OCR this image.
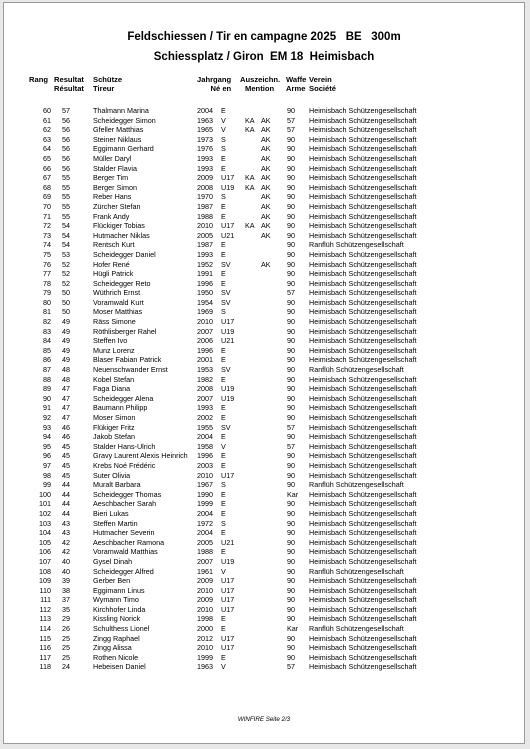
Feldschiessen / Tir en campagne 2025   BE   300m
Schiessplatz / Giron  EM 18  Heimisbach
Rang Resultat
Résultat
Schütze
Tireur
Jahrgang
Né en
Auszeichn.
Mention
Waffe
Arme
Verein
Société
60 57	Thalmann Marina	2004 E	90 Heimisbach Schützengesellschaft
61 56	Scheidegger Simon	1963 V	KA AK 57 Heimisbach Schützengesellschaft
62 56	Gfeller Matthias	1965 V	KA AK 57 Heimisbach Schützengesellschaft
63 56	Steiner Niklaus	1973 S	AK 90 Heimisbach Schützengesellschaft
64 56	Eggimann Gerhard	1976 S	AK 90 Heimisbach Schützengesellschaft
65 56	Müller Daryl	1993 E	AK 90 Heimisbach Schützengesellschaft
66 56	Stalder Flavia	1993 E	AK 90 Heimisbach Schützengesellschaft
67 55	Berger Tim	2009 U17 KA AK 90 Heimisbach Schützengesellschaft
68 55	Berger Simon	2008 U19 KA AK 90 Heimisbach Schützengesellschaft
69 55	Reber Hans	1970 S	AK 90 Heimisbach Schützengesellschaft
70 55	Zürcher Stefan	1987 E	AK 90 Heimisbach Schützengesellschaft
71 55	Frank Andy	1988 E	AK 90 Heimisbach Schützengesellschaft
72 54	Flückiger Tobias	2010 U17 KA AK 90 Heimisbach Schützengesellschaft
73 54	Hutmacher Niklas	2005 U21	AK 90 Heimisbach Schützengesellschaft
74 54	Rentsch Kurt	1987 E	90 Ranflüh Schützengesellschaft
75 53	Scheidegger Daniel	1993 E	90 Heimisbach Schützengesellschaft
76 52	Hofer René	1952 SV	AK 90 Heimisbach Schützengesellschaft
77 52	Hügli Patrick	1991 E	90 Heimisbach Schützengesellschaft
78 52	Scheidegger Reto	1996 E	90 Heimisbach Schützengesellschaft
79 50	Wüthrich Ernst	1950 SV	57 Heimisbach Schützengesellschaft
80 50	Voramwald Kurt	1954 SV	90 Heimisbach Schützengesellschaft
81 50	Moser Matthias	1969 S	90 Heimisbach Schützengesellschaft
82 49	Räss Simone	2010 U17	90 Heimisbach Schützengesellschaft
83 49	Röthlisberger Rahel	2007 U19	90 Heimisbach Schützengesellschaft
84 49	Steffen Ivo	2006 U21	90 Heimisbach Schützengesellschaft
85 49	Munz Lorenz	1996 E	90 Heimisbach Schützengesellschaft
86 49	Blaser Fabian Patrick	2001 E	90 Heimisbach Schützengesellschaft
87 48	Neuenschwander Ernst	1953 SV	90 Ranflüh Schützengesellschaft
88 48	Kobel Stefan	1982 E	90 Heimisbach Schützengesellschaft
89 47	Faga Diana	2008 U19	90 Heimisbach Schützengesellschaft
90 47	Scheidegger Alena	2007 U19	90 Heimisbach Schützengesellschaft
91 47	Baumann Philipp	1993 E	90 Heimisbach Schützengesellschaft
92 47	Moser Simon	2002 E	90 Heimisbach Schützengesellschaft
93 46	Flükiger Fritz	1955 SV	57 Heimisbach Schützengesellschaft
94 46	Jakob Stefan	2004 E	90 Heimisbach Schützengesellschaft
95 45	Stalder Hans-Ulrich	1958 V	57 Heimisbach Schützengesellschaft
96 45	Gravy Laurent Alexis Heinrich	1996 E	90 Heimisbach Schützengesellschaft
97 45	Krebs Noé Frédéric	2003 E	90 Heimisbach Schützengesellschaft
98 45	Suter Olivia	2010 U17	90 Heimisbach Schützengesellschaft
99 44	Muralt Barbara	1967 S	90 Ranflüh Schützengesellschaft
100 44	Scheidegger Thomas	1990 E	Kar Heimisbach Schützengesellschaft
101 44	Aeschbacher Sarah	1999 E	90 Heimisbach Schützengesellschaft
102 44	Bieri Lukas	2004 E	90 Heimisbach Schützengesellschaft
103 43	Steffen Martin	1972 S	90 Heimisbach Schützengesellschaft
104 43	Hutmacher Severin	2004 E	90 Heimisbach Schützengesellschaft
105 42	Aeschbacher Ramona	2005 U21	90 Heimisbach Schützengesellschaft
106 42	Voramwald Matthias	1988 E	90 Heimisbach Schützengesellschaft
107 40	Gysel Dinah	2007 U19	90 Heimisbach Schützengesellschaft
108 40	Scheidegger Alfred	1961 V	90 Ranflüh Schützengesellschaft
109 39	Gerber Ben	2009 U17	90 Heimisbach Schützengesellschaft
110 38	Eggimann Linus	2010 U17	90 Heimisbach Schützengesellschaft
111 37	Wymann Timo	2009 U17	90 Heimisbach Schützengesellschaft
112 35	Kirchhofer Linda	2010 U17	90 Heimisbach Schützengesellschaft
113 29	Kissling Norick	1998 E	90 Heimisbach Schützengesellschaft
114 26	Schulthess Lionel	2000 E	Kar Ranflüh Schützengesellschaft
115 25	Zingg Raphael	2012 U17	90 Heimisbach Schützengesellschaft
116 25	Zingg Alissa	2010 U17	90 Heimisbach Schützengesellschaft
117 25	Rothen Nicole	1999 E	90 Heimisbach Schützengesellschaft
118 24	Hebeisen Daniel	1963 V	57 Heimisbach Schützengesellschaft
WINFIRE Seite 2/3
